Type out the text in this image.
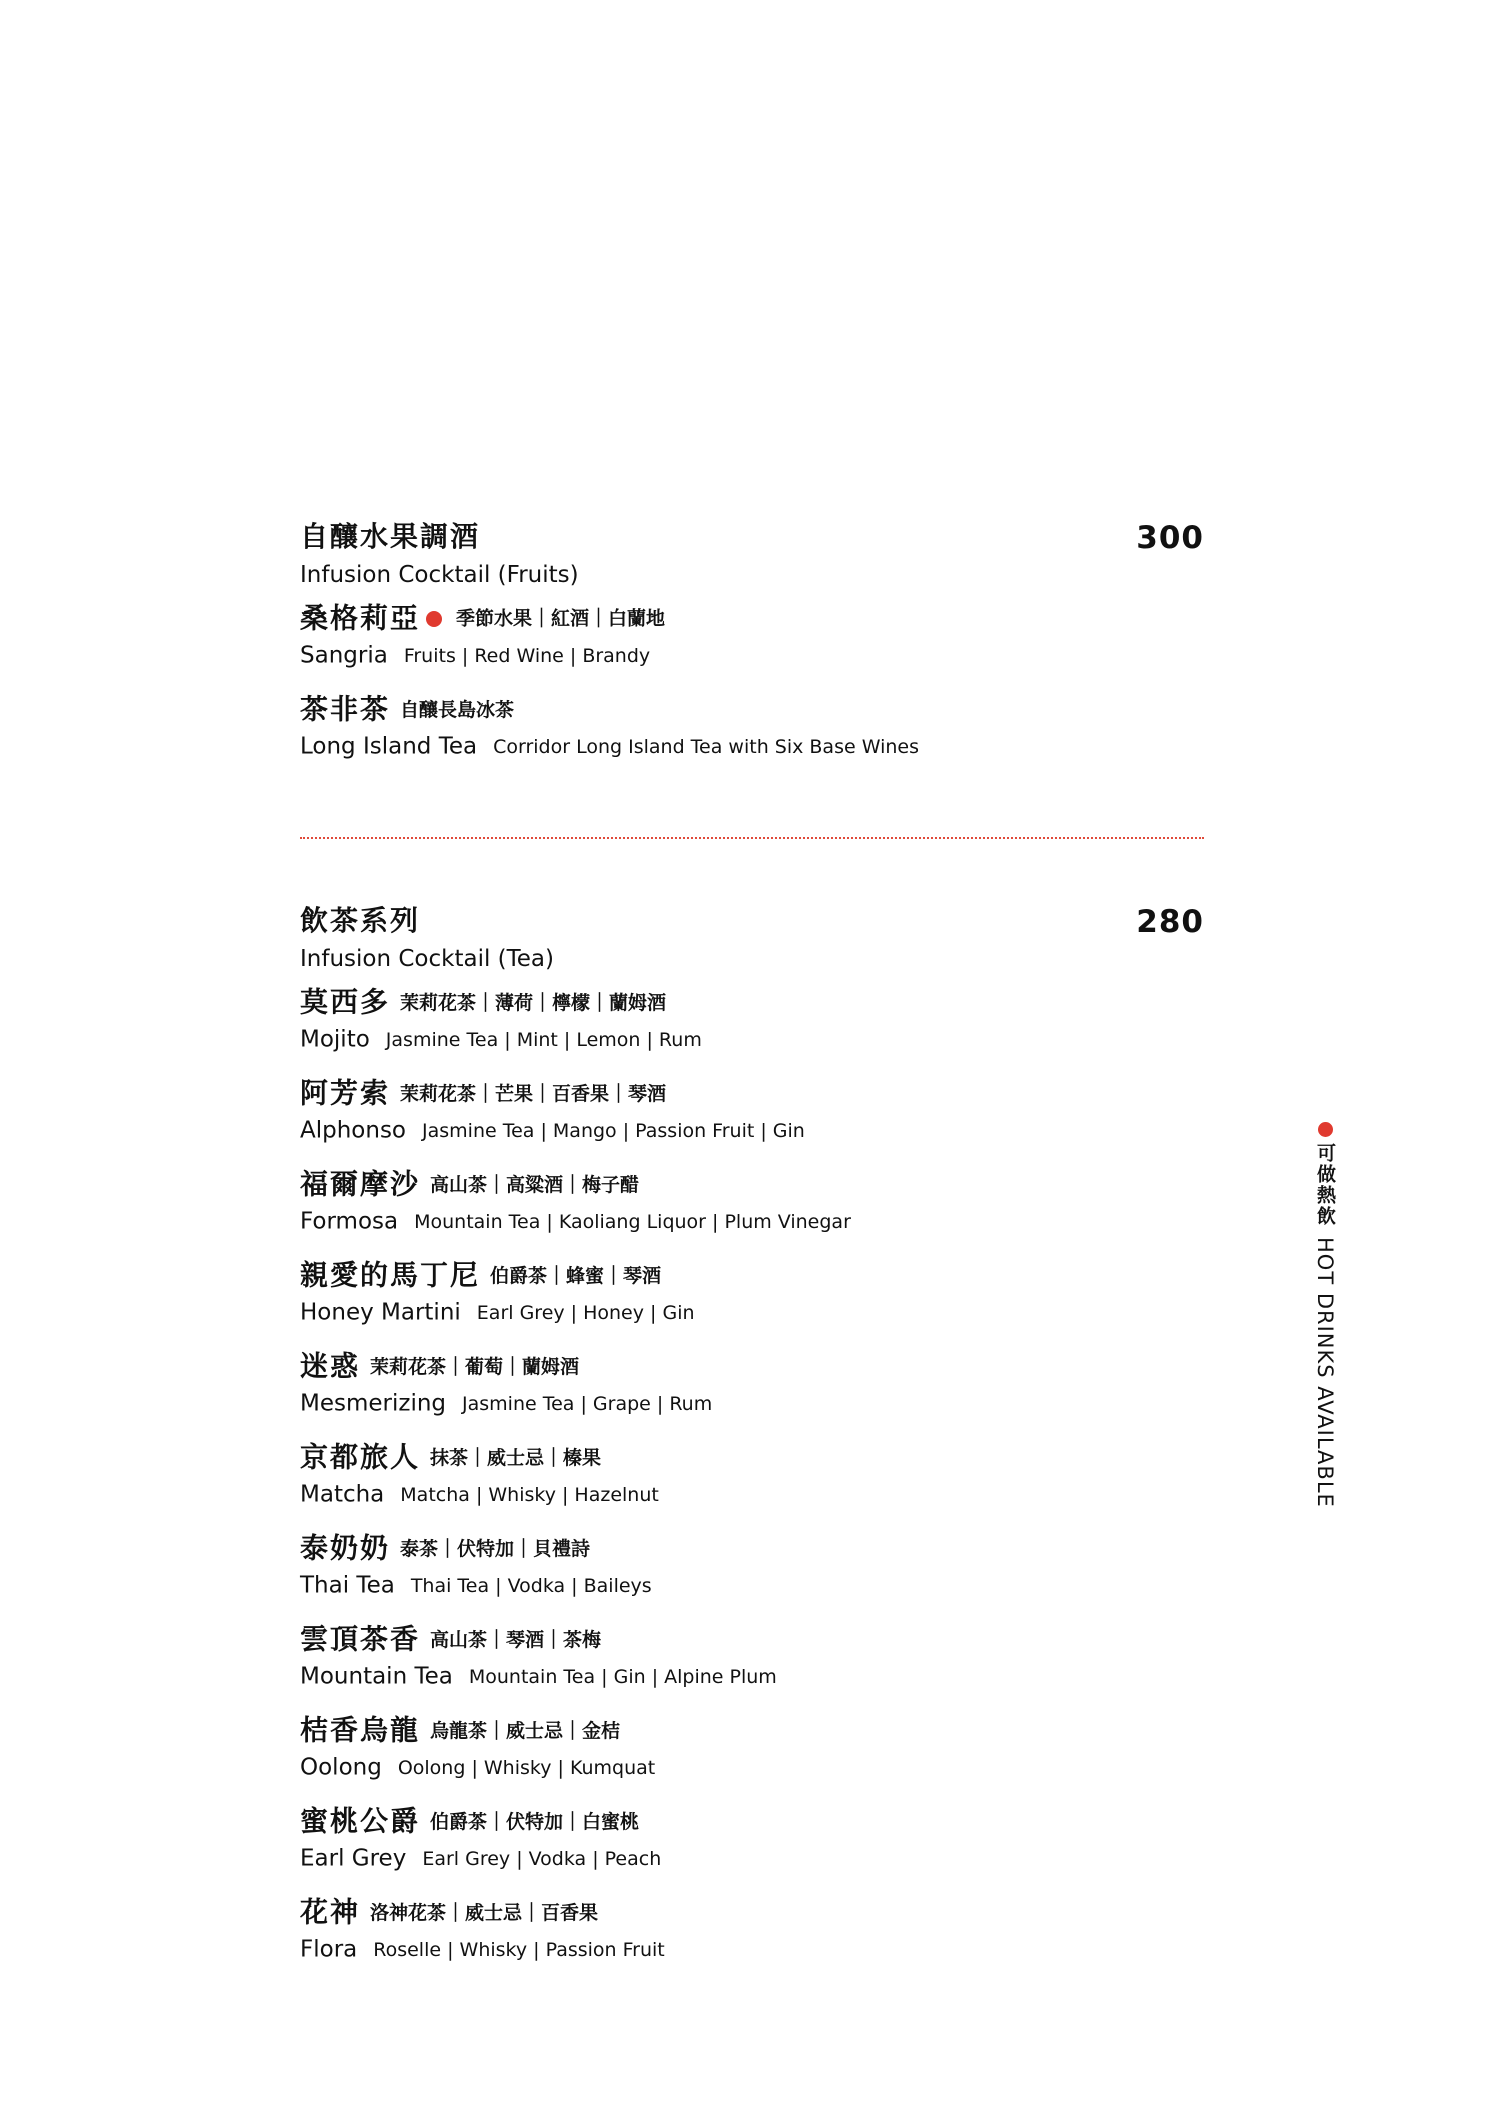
自釀水果調酒
Infusion Cocktail (Fruits)
300
桑格莉亞 季節水果｜紅酒｜白蘭地
Sangria Fruits | Red Wine | Brandy
茶非茶 自釀長島冰茶
Long Island Tea Corridor Long Island Tea with Six Base Wines
飲茶系列
Infusion Cocktail (Tea)
280
莫西多 茉莉花茶｜薄荷｜檸檬｜蘭姆酒
Mojito Jasmine Tea | Mint | Lemon | Rum
阿芳索 茉莉花茶｜芒果｜百香果｜琴酒
Alphonso Jasmine Tea | Mango | Passion Fruit | Gin
福爾摩沙 高山茶｜高粱酒｜梅子醋
Formosa Mountain Tea | Kaoliang Liquor | Plum Vinegar
親愛的馬丁尼 伯爵茶｜蜂蜜｜琴酒
Honey Martini Earl Grey | Honey | Gin
迷惑 茉莉花茶｜葡萄｜蘭姆酒
Mesmerizing Jasmine Tea | Grape | Rum
京都旅人 抹茶｜威士忌｜榛果
Matcha Matcha | Whisky | Hazelnut
泰奶奶 泰茶｜伏特加｜貝禮詩
Thai Tea Thai Tea | Vodka | Baileys
雲頂茶香 高山茶｜琴酒｜茶梅
Mountain Tea Mountain Tea | Gin | Alpine Plum
桔香烏龍 烏龍茶｜威士忌｜金桔
Oolong Oolong | Whisky | Kumquat
蜜桃公爵 伯爵茶｜伏特加｜白蜜桃
Earl Grey Earl Grey | Vodka | Peach
花神 洛神花茶｜威士忌｜百香果
Flora Roselle | Whisky | Passion Fruit
可做熱飲
HOT DRINKS AVAILABLE
